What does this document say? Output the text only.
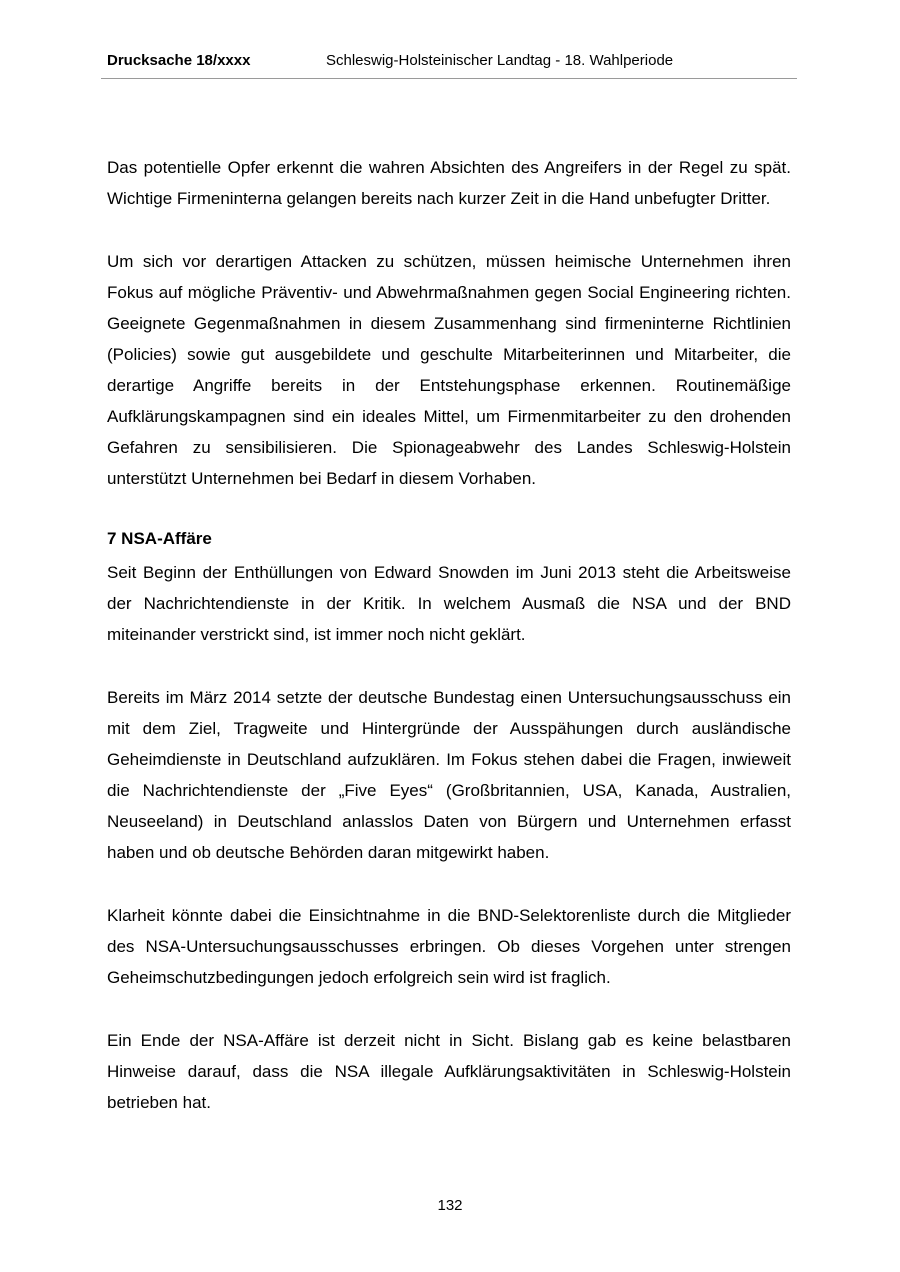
Drucksache 18/xxxx	Schleswig-Holsteinischer Landtag - 18. Wahlperiode

Das potentielle Opfer erkennt die wahren Absichten des Angreifers in der Regel zu spät. Wichtige Firmeninterna gelangen bereits nach kurzer Zeit in die Hand unbefugter Dritter.

Um sich vor derartigen Attacken zu schützen, müssen heimische Unternehmen ihren Fokus auf mögliche Präventiv- und Abwehrmaßnahmen gegen Social Engineering richten. Geeignete Gegenmaßnahmen in diesem Zusammenhang sind firmeninterne Richtlinien (Policies) sowie gut ausgebildete und geschulte Mitarbeiterinnen und Mitarbeiter, die derartige Angriffe bereits in der Entstehungsphase erkennen. Routinemäßige Aufklärungskampagnen sind ein ideales Mittel, um Firmenmitarbeiter zu den drohenden Gefahren zu sensibilisieren. Die Spionageabwehr des Landes Schleswig-Holstein unterstützt Unternehmen bei Bedarf in diesem Vorhaben.

7 NSA-Affäre

Seit Beginn der Enthüllungen von Edward Snowden im Juni 2013 steht die Arbeitsweise der Nachrichtendienste in der Kritik. In welchem Ausmaß die NSA und der BND miteinander verstrickt sind, ist immer noch nicht geklärt.

Bereits im März 2014 setzte der deutsche Bundestag einen Untersuchungsausschuss ein mit dem Ziel, Tragweite und Hintergründe der Ausspähungen durch ausländische Geheimdienste in Deutschland aufzuklären. Im Fokus stehen dabei die Fragen, inwieweit die Nachrichtendienste der „Five Eyes“ (Großbritannien, USA, Kanada, Australien, Neuseeland) in Deutschland anlasslos Daten von Bürgern und Unternehmen erfasst haben und ob deutsche Behörden daran mitgewirkt haben.

Klarheit könnte dabei die Einsichtnahme in die BND-Selektorenliste durch die Mitglieder des NSA-Untersuchungsausschusses erbringen. Ob dieses Vorgehen unter strengen Geheimschutzbedingungen jedoch erfolgreich sein wird ist fraglich.

Ein Ende der NSA-Affäre ist derzeit nicht in Sicht. Bislang gab es keine belastbaren Hinweise darauf, dass die NSA illegale Aufklärungsaktivitäten in Schleswig-Holstein betrieben hat.

132
